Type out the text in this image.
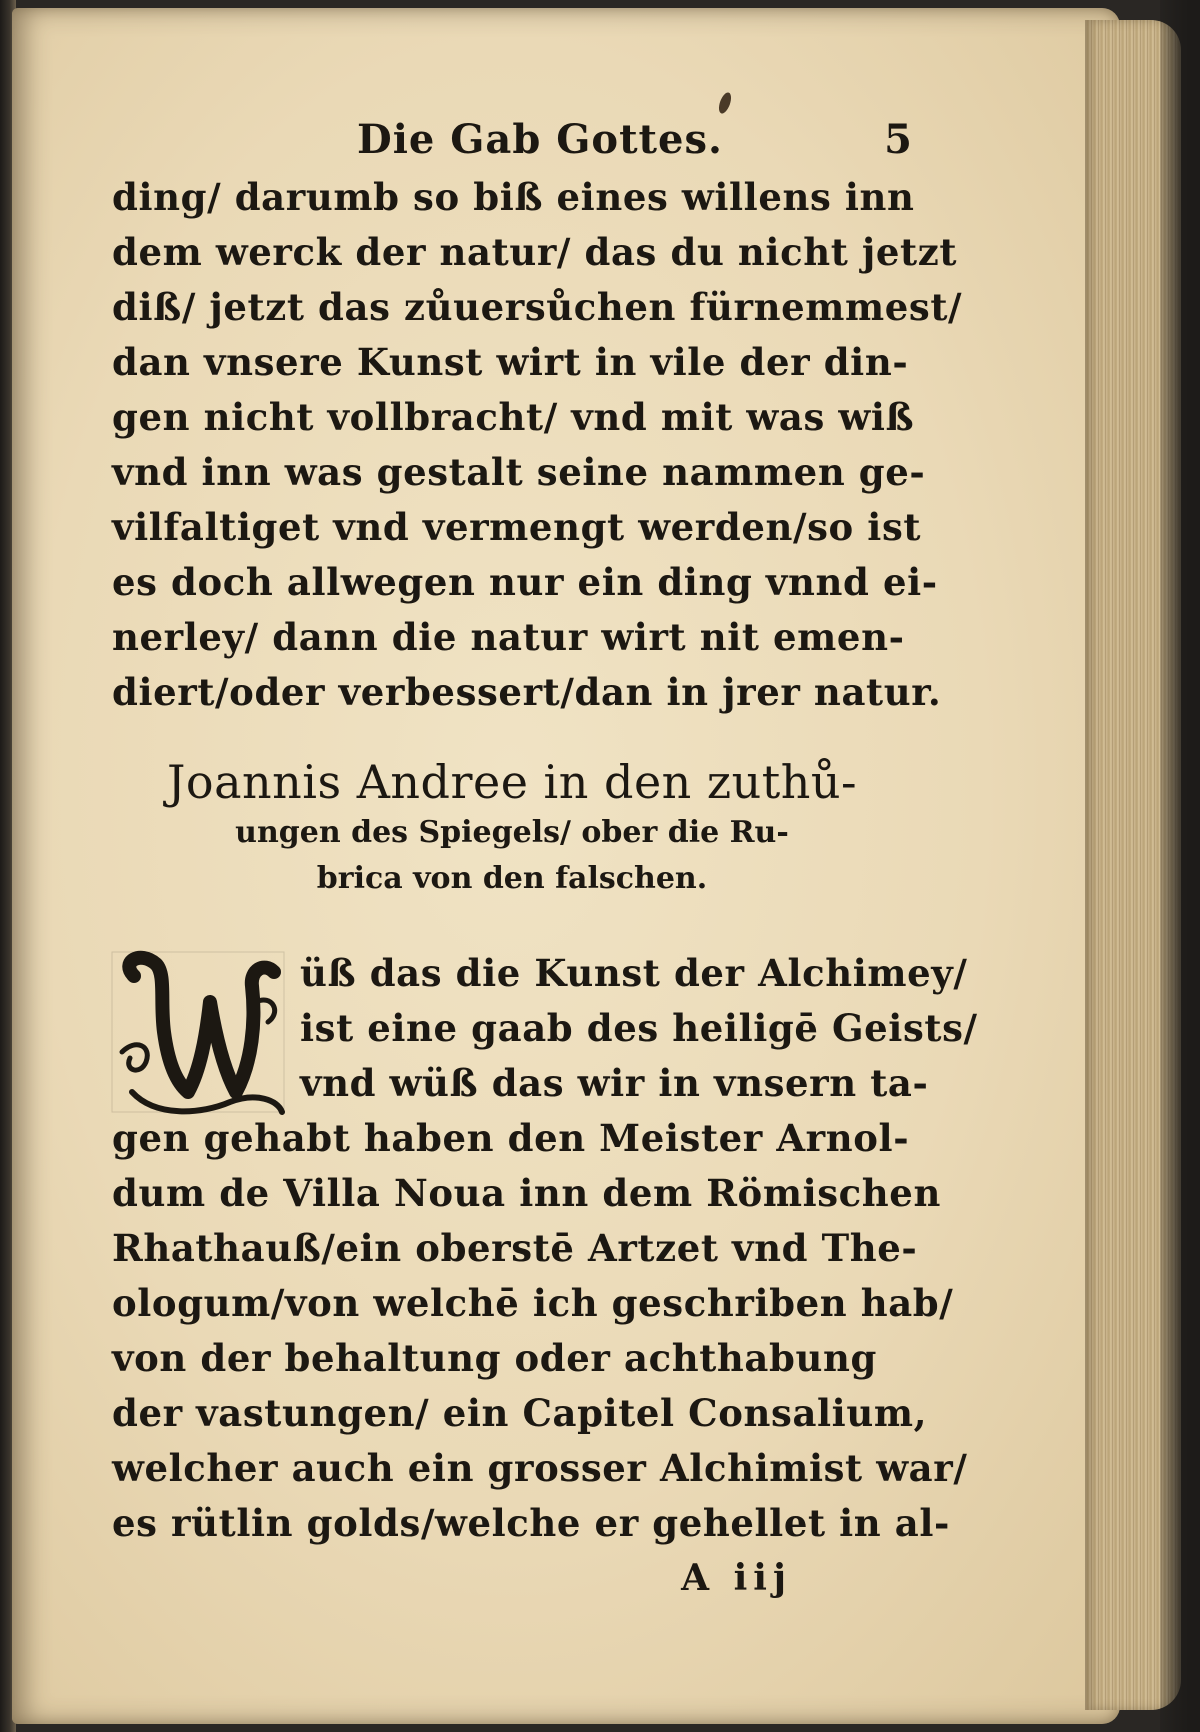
Die Gab Gottes.	5
ding/ darumb so biß eines willens inn
dem werck der natur/ das du nicht jetzt
diß/ jetzt das zůuersůchen fürnemmest/
dan vnsere Kunst wirt in vile der din-
gen nicht vollbracht/ vnd mit was wiß
vnd inn was gestalt seine nammen ge-
vilfaltiget vnd vermengt werden/so ist
es doch allwegen nur ein ding vnnd ei-
nerley/ dann die natur wirt nit emen-
diert/oder verbessert/dan in jrer natur.
Joannis Andree in den zuthů-
ungen des Spiegels/ ober die Ru-
brica von den falschen.
W	üß das die Kunst der Alchimey/
ist eine gaab des heiligē Geists/
vnd wüß das wir in vnsern ta-
gen gehabt haben den Meister Arnol-
dum de Villa Noua inn dem Römischen
Rhathauß/ein oberstē Artzet vnd The-
ologum/von welchē ich geschriben hab/
von der behaltung oder achthabung
der vastungen/ ein Capitel Consalium,
welcher auch ein grosser Alchimist war/
es rütlin golds/welche er gehellet in al-
A iij
